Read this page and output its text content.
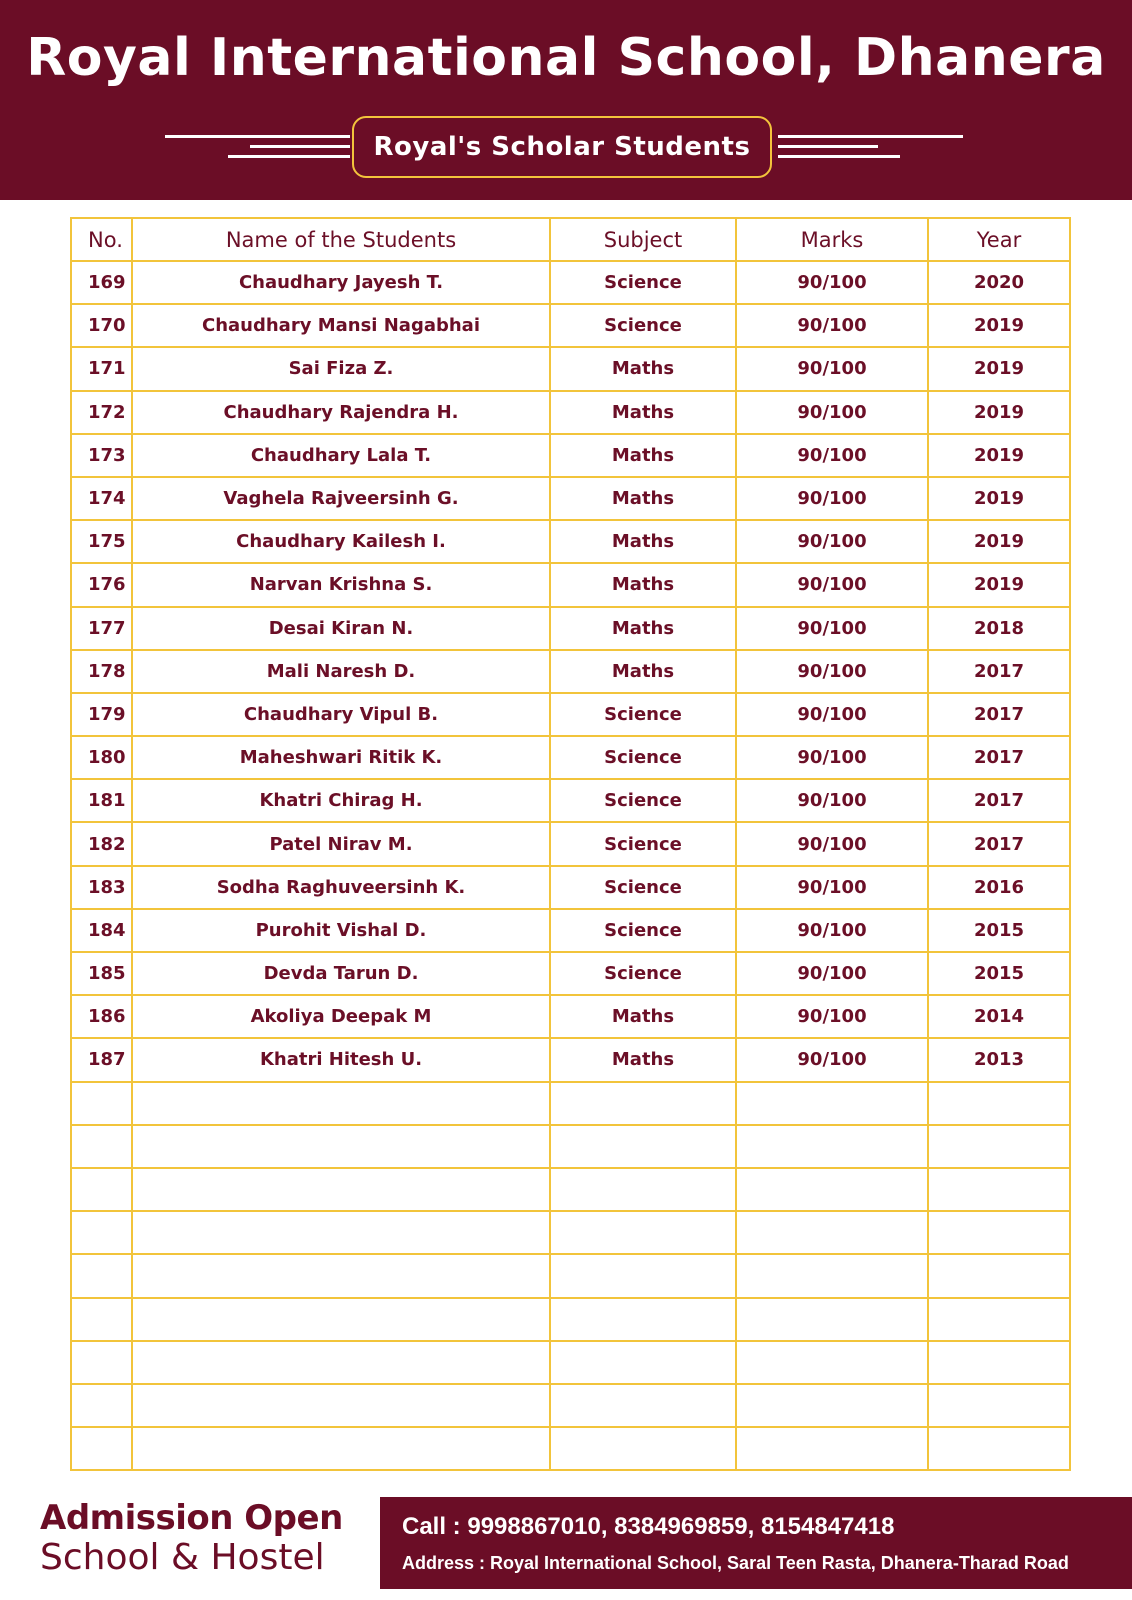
Royal International School, Dhanera
Royal's Scholar Students
No.	Name of the Students	Subject	Marks	Year
169	Chaudhary Jayesh T.	Science	90/100	2020
170	Chaudhary Mansi Nagabhai	Science	90/100	2019
171	Sai Fiza Z.	Maths	90/100	2019
172	Chaudhary Rajendra H.	Maths	90/100	2019
173	Chaudhary Lala T.	Maths	90/100	2019
174	Vaghela Rajveersinh G.	Maths	90/100	2019
175	Chaudhary Kailesh I.	Maths	90/100	2019
176	Narvan Krishna S.	Maths	90/100	2019
177	Desai Kiran N.	Maths	90/100	2018
178	Mali Naresh D.	Maths	90/100	2017
179	Chaudhary Vipul B.	Science	90/100	2017
180	Maheshwari Ritik K.	Science	90/100	2017
181	Khatri Chirag H.	Science	90/100	2017
182	Patel Nirav M.	Science	90/100	2017
183	Sodha Raghuveersinh K.	Science	90/100	2016
184	Purohit Vishal D.	Science	90/100	2015
185	Devda Tarun D.	Science	90/100	2015
186	Akoliya Deepak M	Maths	90/100	2014
187	Khatri Hitesh U.	Maths	90/100	2013

Admission Open
School & Hostel
Call : 9998867010, 8384969859, 8154847418
Address : Royal International School, Saral Teen Rasta, Dhanera-Tharad Road
